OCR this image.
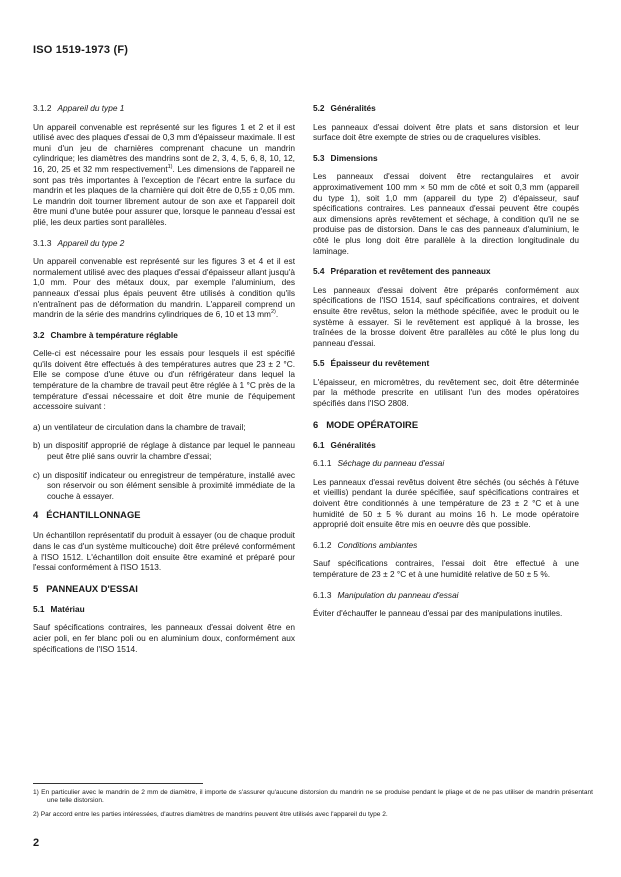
ISO 1519-1973 (F)
3.1.2 Appareil du type 1

Un appareil convenable est représenté sur les figures 1 et 2 et il est utilisé avec des plaques d'essai de 0,3 mm d'épaisseur maximale. Il est muni d'un jeu de charnières comprenant chacune un mandrin cylindrique; les diamètres des mandrins sont de 2, 3, 4, 5, 6, 8, 10, 12, 16, 20, 25 et 32 mm respectivement$^{1)}$. Les dimensions de l'appareil ne sont pas très importantes à l'exception de l'écart entre la surface du mandrin et les plaques de la charnière qui doit être de 0,55 ± 0,05 mm. Le mandrin doit tourner librement autour de son axe et l'appareil doit être muni d'une butée pour assurer que, lorsque le panneau d'essai est plié, les deux parties sont parallèles.

3.1.3 Appareil du type 2

Un appareil convenable est représenté sur les figures 3 et 4 et il est normalement utilisé avec des plaques d'essai d'épaisseur allant jusqu'à 1,0 mm. Pour des métaux doux, par exemple l'aluminium, des panneaux d'essai plus épais peuvent être utilisés à condition qu'ils n'entraînent pas de déformation du mandrin. L'appareil comprend un mandrin de la série des mandrins cylindriques de 6, 10 et 13 $mm^{2)}$.

3.2 Chambre à température réglable

Celle-ci est nécessaire pour les essais pour lesquels il est spécifié qu'ils doivent être effectués à des températures autres que 23 ± 2 °C. Elle se compose d'une étuve ou d'un réfrigérateur dans lequel la température de la chambre de travail peut être réglée à 1 °C près de la température d'essai nécessaire et doit être munie de l'équipement accessoire suivant :

a) un ventilateur de circulation dans la chambre de travail;

b) un dispositif approprié de réglage à distance par lequel le panneau peut être plié sans ouvrir la chambre d'essai;

c) un dispositif indicateur ou enregistreur de température, installé avec son réservoir ou son élément sensible à proximité immédiate de la couche à essayer.

4 ÉCHANTILLONNAGE

Un échantillon représentatif du produit à essayer (ou de chaque produit dans le cas d'un système multicouche) doit être prélevé conformément à l'ISO 1512. L'échantillon doit ensuite être examiné et préparé pour l'essai conformément à l'ISO 1513.

5 PANNEAUX D'ESSAI
5.1 Matériau

Sauf spécifications contraires, les panneaux d'essai doivent être en acier poli, en fer blanc poli ou en aluminium doux, conformément aux spécifications de l'ISO 1514.

5.2 Généralités

Les panneaux d'essai doivent être plats et sans distorsion et leur surface doit être exempte de stries ou de craquelures visibles.

5.3 Dimensions

Les panneaux d'essai doivent être rectangulaires et avoir approximativement 100 mm × 50 mm de côté et soit 0,3 mm (appareil du type 1), soit 1,0 mm (appareil du type 2) d'épaisseur, sauf spécifications contraires. Les panneaux d'essai peuvent être coupés aux dimensions après revêtement et séchage, à condition qu'il ne se produise pas de distorsion. Dans le cas des panneaux d'aluminium, le côté le plus long doit être parallèle à la direction longitudinale du laminage.

5.4 Préparation et revêtement des panneaux

Les panneaux d'essai doivent être préparés conformément aux spécifications de l'ISO 1514, sauf spécifications contraires, et doivent ensuite être revêtus, selon la méthode spécifiée, avec le produit ou le système à essayer. Si le revêtement est appliqué à la brosse, les traînées de la brosse doivent être parallèles au côté le plus long du panneau d'essai.

5.5 Épaisseur du revêtement

L'épaisseur, en micromètres, du revêtement sec, doit être déterminée par la méthode prescrite en utilisant l'un des modes opératoires spécifiés dans l'ISO 2808.

6 MODE OPÉRATOIRE
6.1 Généralités
6.1.1 Séchage du panneau d'essai

Les panneaux d'essai revêtus doivent être séchés (ou séchés à l'étuve et vieillis) pendant la durée spécifiée, sauf spécifications contraires et doivent être conditionnés à une température de 23 ± 2 °C et à une humidité de 50 ± 5 % durant au moins 16 h. Le mode opératoire approprié doit ensuite être mis en oeuvre dès que possible.

6.1.2 Conditions ambiantes

Sauf spécifications contraires, l'essai doit être effectué à une température de 23 ± 2 °C et à une humidité relative de 50 ± 5 %.

6.1.3 Manipulation du panneau d'essai

Éviter d'échauffer le panneau d'essai par des manipulations inutiles.

1) En particulier avec le mandrin de 2 mm de diamètre, il importe de s'assurer qu'aucune distorsion du mandrin ne se produise pendant le pliage et de ne pas utiliser de mandrin présentant une telle distorsion.

2) Par accord entre les parties intéressées, d'autres diamètres de mandrins peuvent être utilisés avec l'appareil du type 2.

2
